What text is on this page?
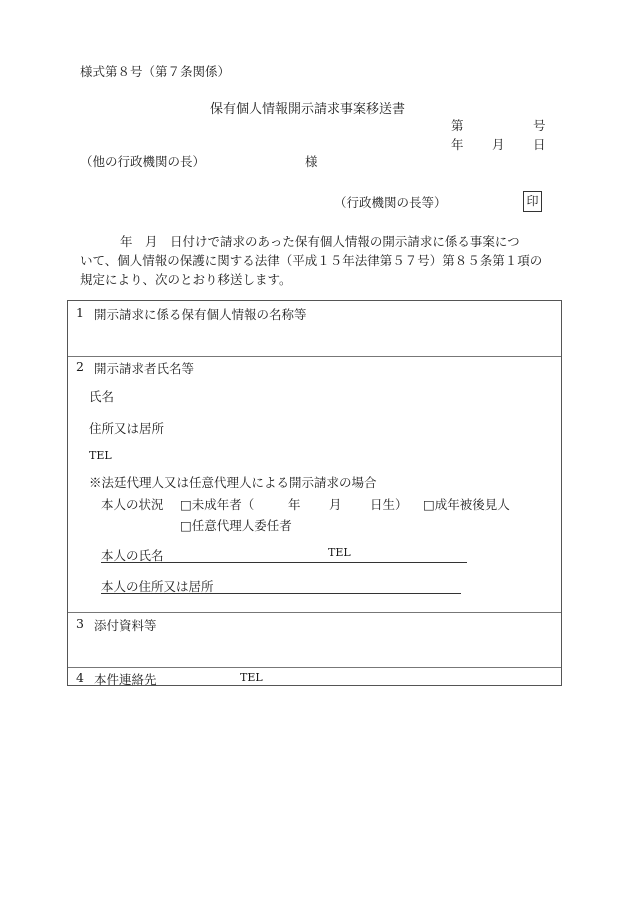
様式第８号（第７条関係）
保有個人情報開示請求事案移送書
第	号
年 月 日
（他の行政機関の長）	様
（行政機関の長等）	印
年　月　日付けで請求のあった保有個人情報の開示請求に係る事案につ
いて、個人情報の保護に関する法律（平成１５年法律第５７号）第８５条第１項の
規定により、次のとおり移送します。
1 開示請求に係る保有個人情報の名称等
2 開示請求者氏名等
氏名
住所又は居所
TEL
※法廷代理人又は任意代理人による開示請求の場合
本人の状況 □未成年者（	年 月 日生） □成年被後見人
□任意代理人委任者
本人の氏名	TEL
本人の住所又は居所
3 添付資料等
4 本件連絡先	TEL
